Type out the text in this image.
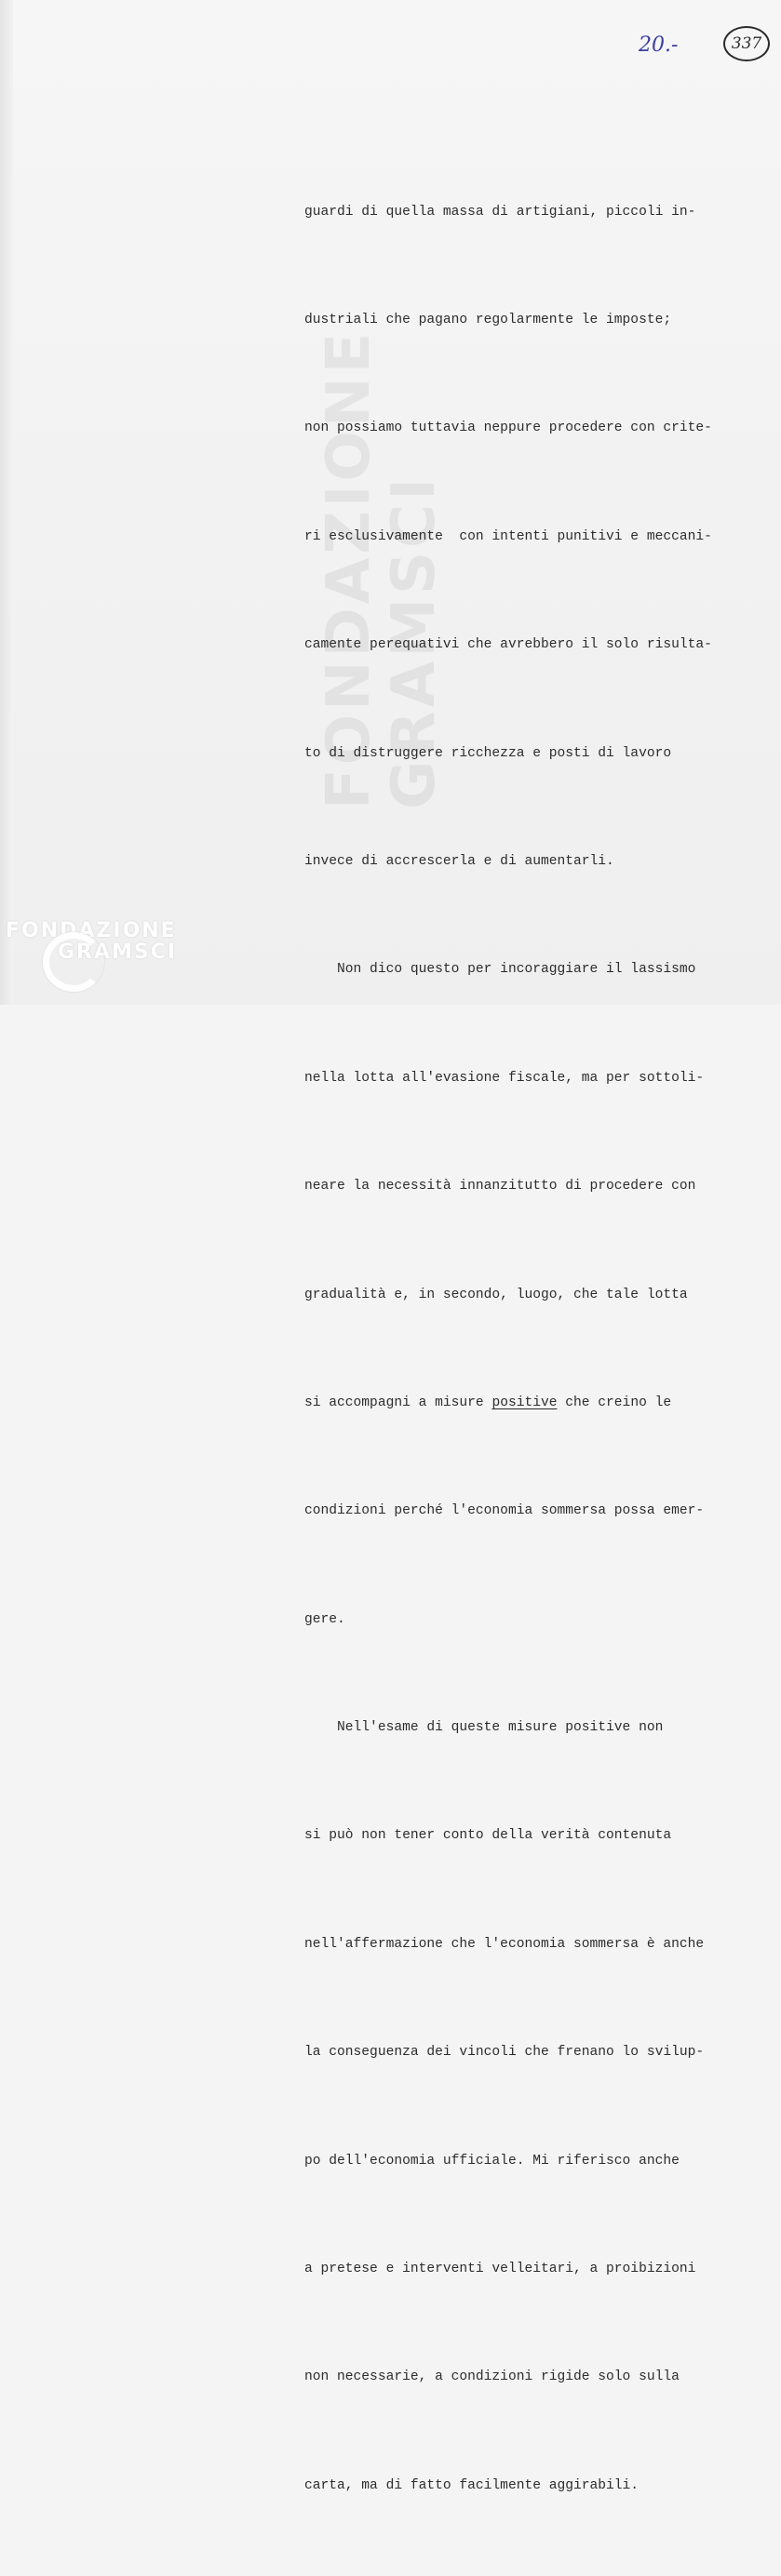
FONDAZIONE GRAMSCI
20.-	337

guardi di quella massa di artigiani, piccoli in-

dustriali che pagano regolarmente le imposte;

non possiamo tuttavia neppure procedere con crite-

ri esclusivamente  con intenti punitivi e meccani-

camente perequativi che avrebbero il solo risulta-

to di distruggere ricchezza e posti di lavoro

invece di accrescerla e di aumentarli.

Non dico questo per incoraggiare il lassismo

nella lotta all'evasione fiscale, ma per sottoli-

neare la necessità innanzitutto di procedere con

gradualità e, in secondo, luogo, che tale lotta

si accompagni a misure positive che creino le

condizioni perché l'economia sommersa possa emer-

gere.

Nell'esame di queste misure positive non

si può non tener conto della verità contenuta

nell'affermazione che l'economia sommersa è anche

la conseguenza dei vincoli che frenano lo svilup-

po dell'economia ufficiale. Mi riferisco anche

a pretese e interventi velleitari, a proibizioni

non necessarie, a condizioni rigide solo sulla

carta, ma di fatto facilmente aggirabili.

FONDAZIONE
GRAMSCI
